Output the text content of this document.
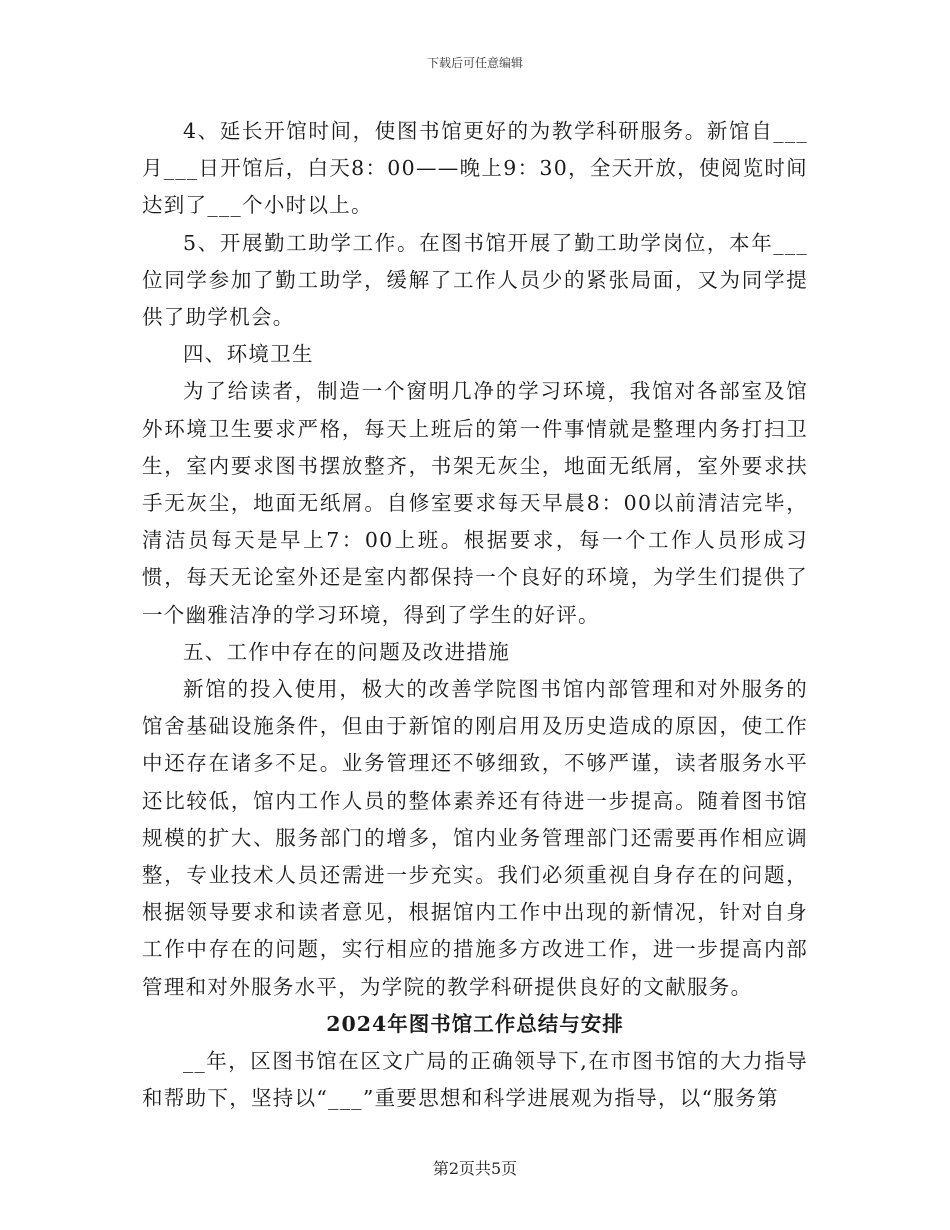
下载后可任意编辑

4、延长开馆时间，使图书馆更好的为教学科研服务。新馆自___月___日开馆后，白天8：00——晚上9：30，全天开放，使阅览时间达到了___个小时以上。

5、开展勤工助学工作。在图书馆开展了勤工助学岗位，本年___位同学参加了勤工助学，缓解了工作人员少的紧张局面，又为同学提供了助学机会。

四、环境卫生

为了给读者，制造一个窗明几净的学习环境，我馆对各部室及馆外环境卫生要求严格，每天上班后的第一件事情就是整理内务打扫卫生，室内要求图书摆放整齐，书架无灰尘，地面无纸屑，室外要求扶手无灰尘，地面无纸屑。自修室要求每天早晨8：00以前清洁完毕，清洁员每天是早上7：00上班。根据要求，每一个工作人员形成习惯，每天无论室外还是室内都保持一个良好的环境，为学生们提供了一个幽雅洁净的学习环境，得到了学生的好评。

五、工作中存在的问题及改进措施

新馆的投入使用，极大的改善学院图书馆内部管理和对外服务的馆舍基础设施条件，但由于新馆的刚启用及历史造成的原因，使工作中还存在诸多不足。业务管理还不够细致，不够严谨，读者服务水平还比较低，馆内工作人员的整体素养还有待进一步提高。随着图书馆规模的扩大、服务部门的增多，馆内业务管理部门还需要再作相应调整，专业技术人员还需进一步充实。我们必须重视自身存在的问题，根据领导要求和读者意见，根据馆内工作中出现的新情况，针对自身工作中存在的问题，实行相应的措施多方改进工作，进一步提高内部管理和对外服务水平，为学院的教学科研提供良好的文献服务。

2024年图书馆工作总结与安排

__年，区图书馆在区文广局的正确领导下,在市图书馆的大力指导和帮助下，坚持以“___”重要思想和科学进展观为指导，以“服务第

第2页共5页
